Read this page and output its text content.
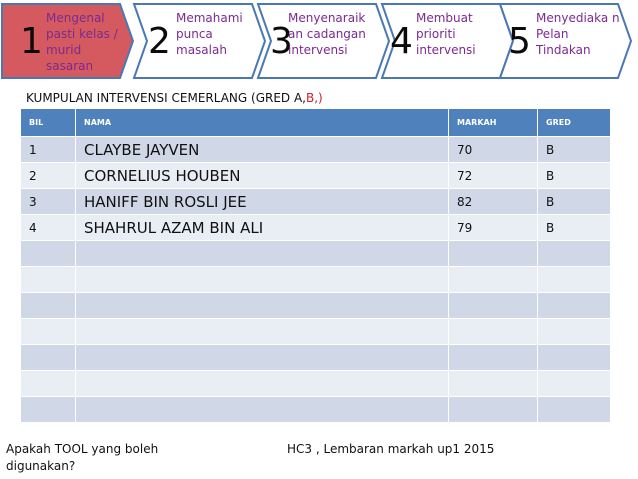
1
Mengenal pasti kelas / murid sasaran
2
Memahami punca masalah	3
Menyenaraik an cadangan intervensi	4
Membuat prioriti intervensi 5
Menyediaka n Pelan Tindakan
KUMPULAN INTERVENSI CEMERLANG (GRED A,B,)
BIL	NAMA	MARKAH	GRED
1	CLAYBE JAYVEN	70	B
2	CORNELIUS HOUBEN	72	B
3	HANIFF BIN ROSLI JEE	82	B
4	SHAHRUL AZAM BIN ALI	79	B

Apakah TOOL yang boleh digunakan?
HC3 , Lembaran markah up1 2015
